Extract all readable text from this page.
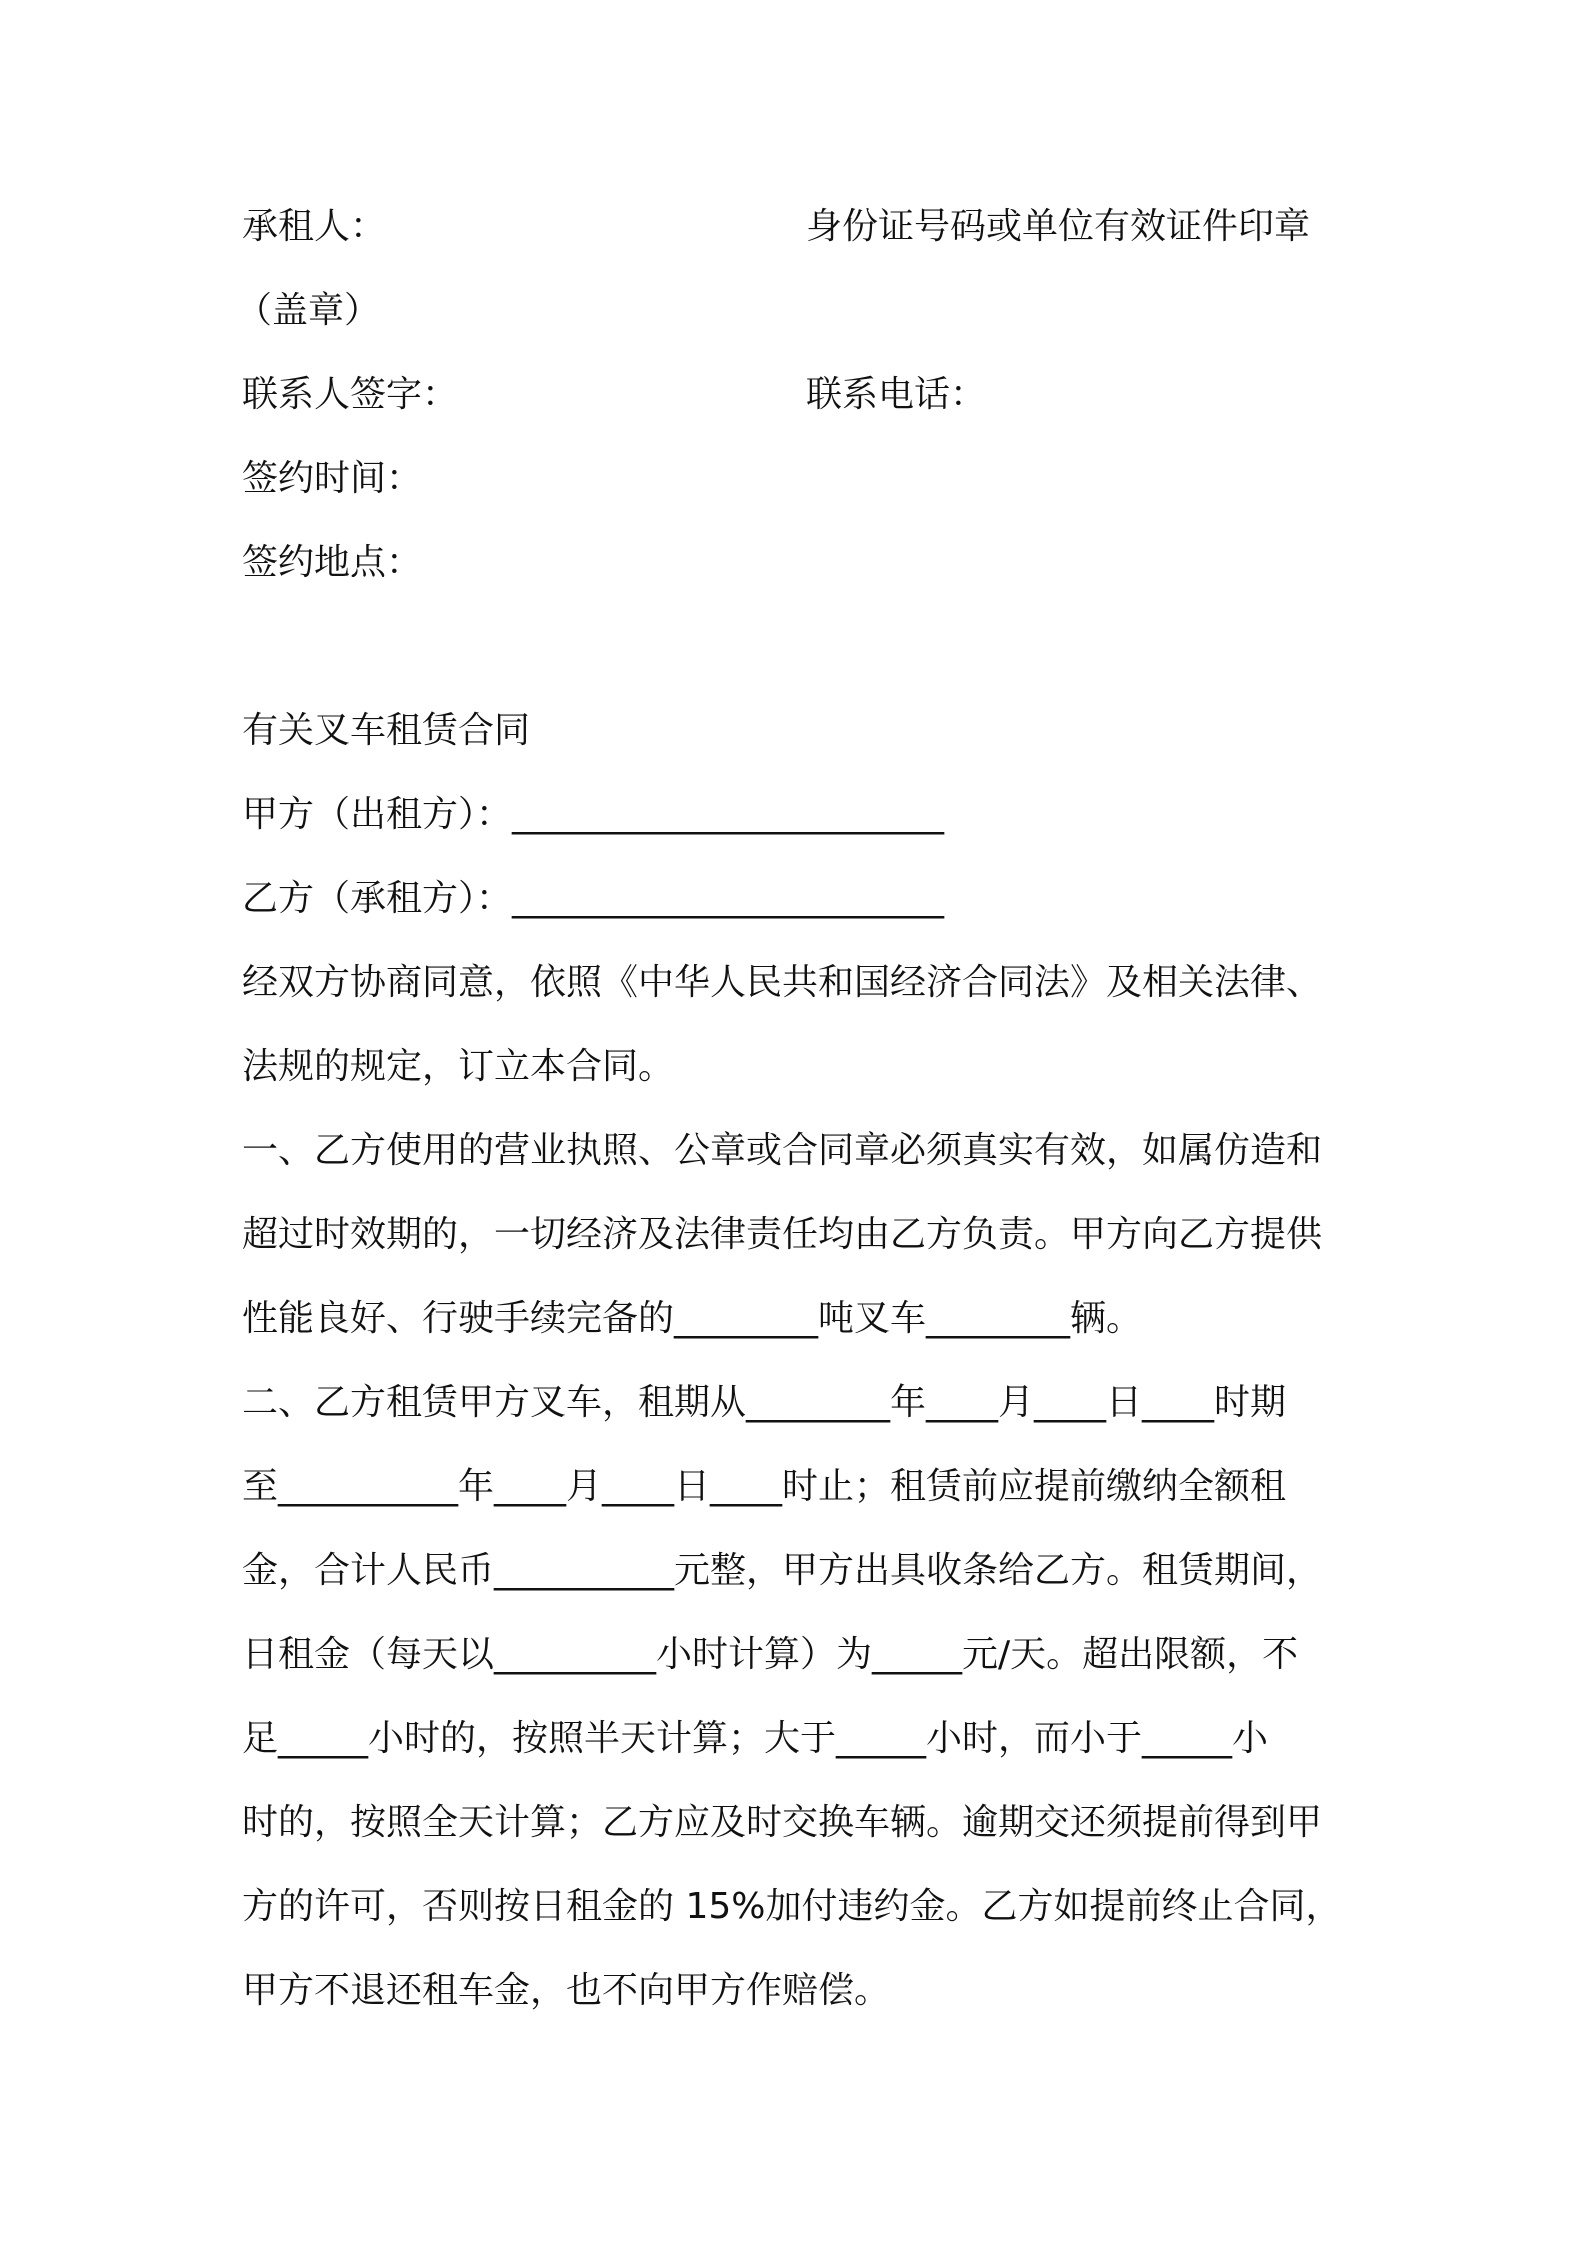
承租人：	身份证号码或单位有效证件印章
（盖章）
联系人签字：	联系电话：
签约时间：
签约地点：
有关叉车租赁合同
甲方（出租方）：________________________
乙方（承租方）：________________________
经双方协商同意，依照《中华人民共和国经济合同法》及相关法律、
法规的规定，订立本合同。
一、乙方使用的营业执照、公章或合同章必须真实有效，如属仿造和
超过时效期的，一切经济及法律责任均由乙方负责。甲方向乙方提供
性能良好、行驶手续完备的________吨叉车________辆。
二、乙方租赁甲方叉车，租期从________年____月____日____时期
至__________年____月____日____时止；租赁前应提前缴纳全额租
金，合计人民币__________元整，甲方出具收条给乙方。租赁期间，
日租金（每天以_________小时计算）为_____元/天。超出限额，不
足_____小时的，按照半天计算；大于_____小时，而小于_____小
时的，按照全天计算；乙方应及时交换车辆。逾期交还须提前得到甲
方的许可，否则按日租金的 15%加付违约金。乙方如提前终止合同，
甲方不退还租车金，也不向甲方作赔偿。
